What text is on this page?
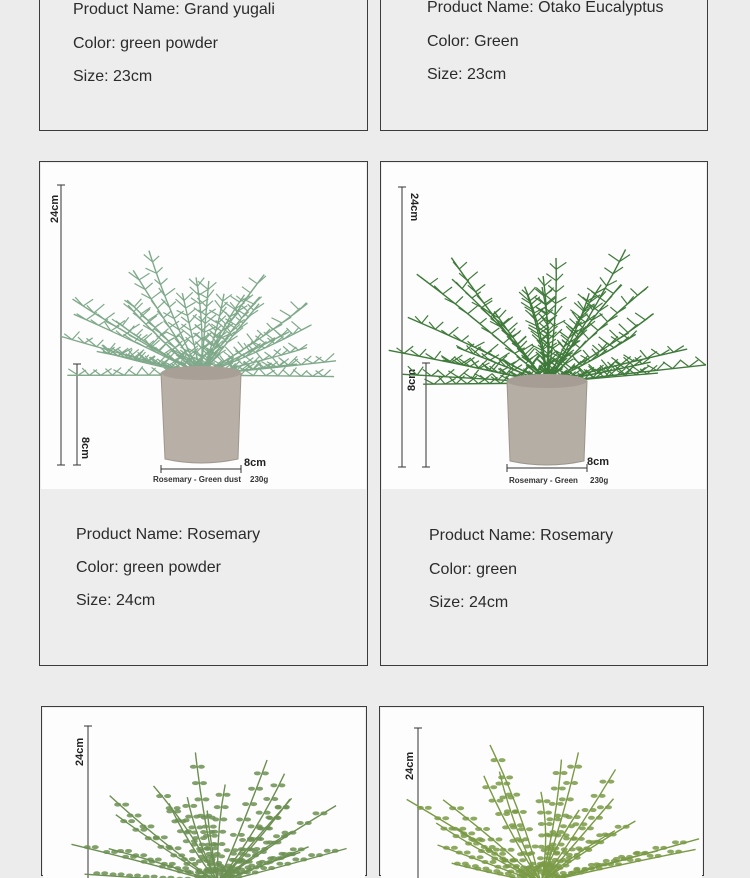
Product Name: Grand yugali
Color: green powder
Size: 23cm
Product Name: Otako Eucalyptus
Color: Green
Size: 23cm
24cm
8cm
8cm
Rosemary - Green dust 230g
Product Name: Rosemary
Color: green powder
Size: 24cm
24cm
8cm
8cm
Rosemary - Green 230g
Product Name: Rosemary
Color: green
Size: 24cm
24cm	24cm
